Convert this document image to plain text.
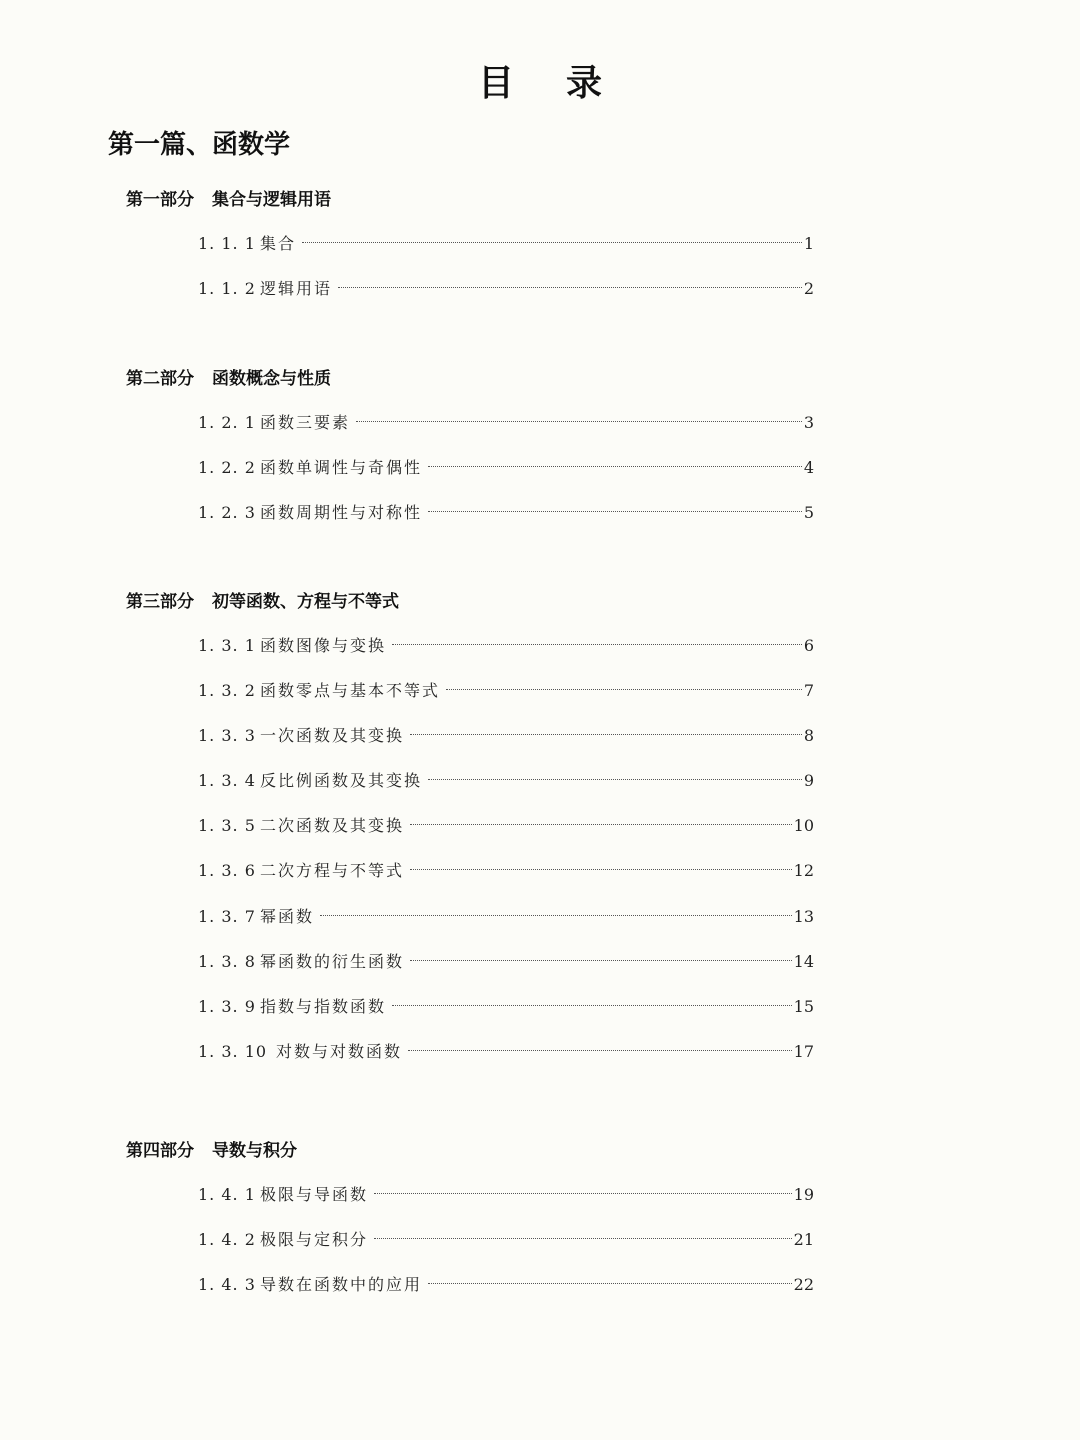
目录
第一篇、函数学
第一部分 集合与逻辑用语
1. 1. 1 集合	1
1. 1. 2 逻辑用语	2
第二部分 函数概念与性质
1. 2. 1 函数三要素	3
1. 2. 2 函数单调性与奇偶性	4
1. 2. 3 函数周期性与对称性	5
第三部分 初等函数、方程与不等式
1. 3. 1 函数图像与变换	6
1. 3. 2 函数零点与基本不等式	7
1. 3. 3 一次函数及其变换	8
1. 3. 4 反比例函数及其变换	9
1. 3. 5 二次函数及其变换	10
1. 3. 6 二次方程与不等式	12
1. 3. 7 幂函数	13
1. 3. 8 幂函数的衍生函数	14
1. 3. 9 指数与指数函数	15
1. 3. 10 对数与对数函数	17
第四部分 导数与积分
1. 4. 1 极限与导函数	19
1. 4. 2 极限与定积分	21
1. 4. 3 导数在函数中的应用	22
